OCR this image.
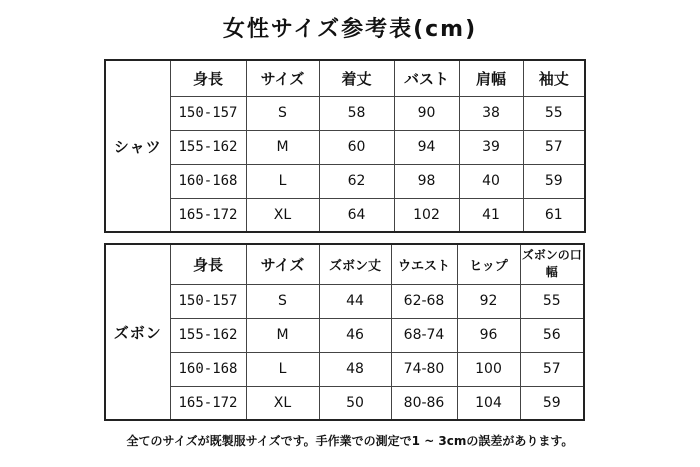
女性サイズ参考表(cm)
シャツ	身長	サイズ	着丈	バスト	肩幅	袖丈
	150-157	S	58	90	38	55
	155-162	M	60	94	39	57
	160-168	L	62	98	40	59
	165-172	XL	64	102	41	61
ズボン	身長	サイズ	ズボン丈	ウエスト	ヒップ	ズボンの口幅
	150-157	S	44	62-68	92	55
	155-162	M	46	68-74	96	56
	160-168	L	48	74-80	100	57
	165-172	XL	50	80-86	104	59
全てのサイズが既製服サイズです。手作業での測定で1 ~ 3cmの誤差があります。
